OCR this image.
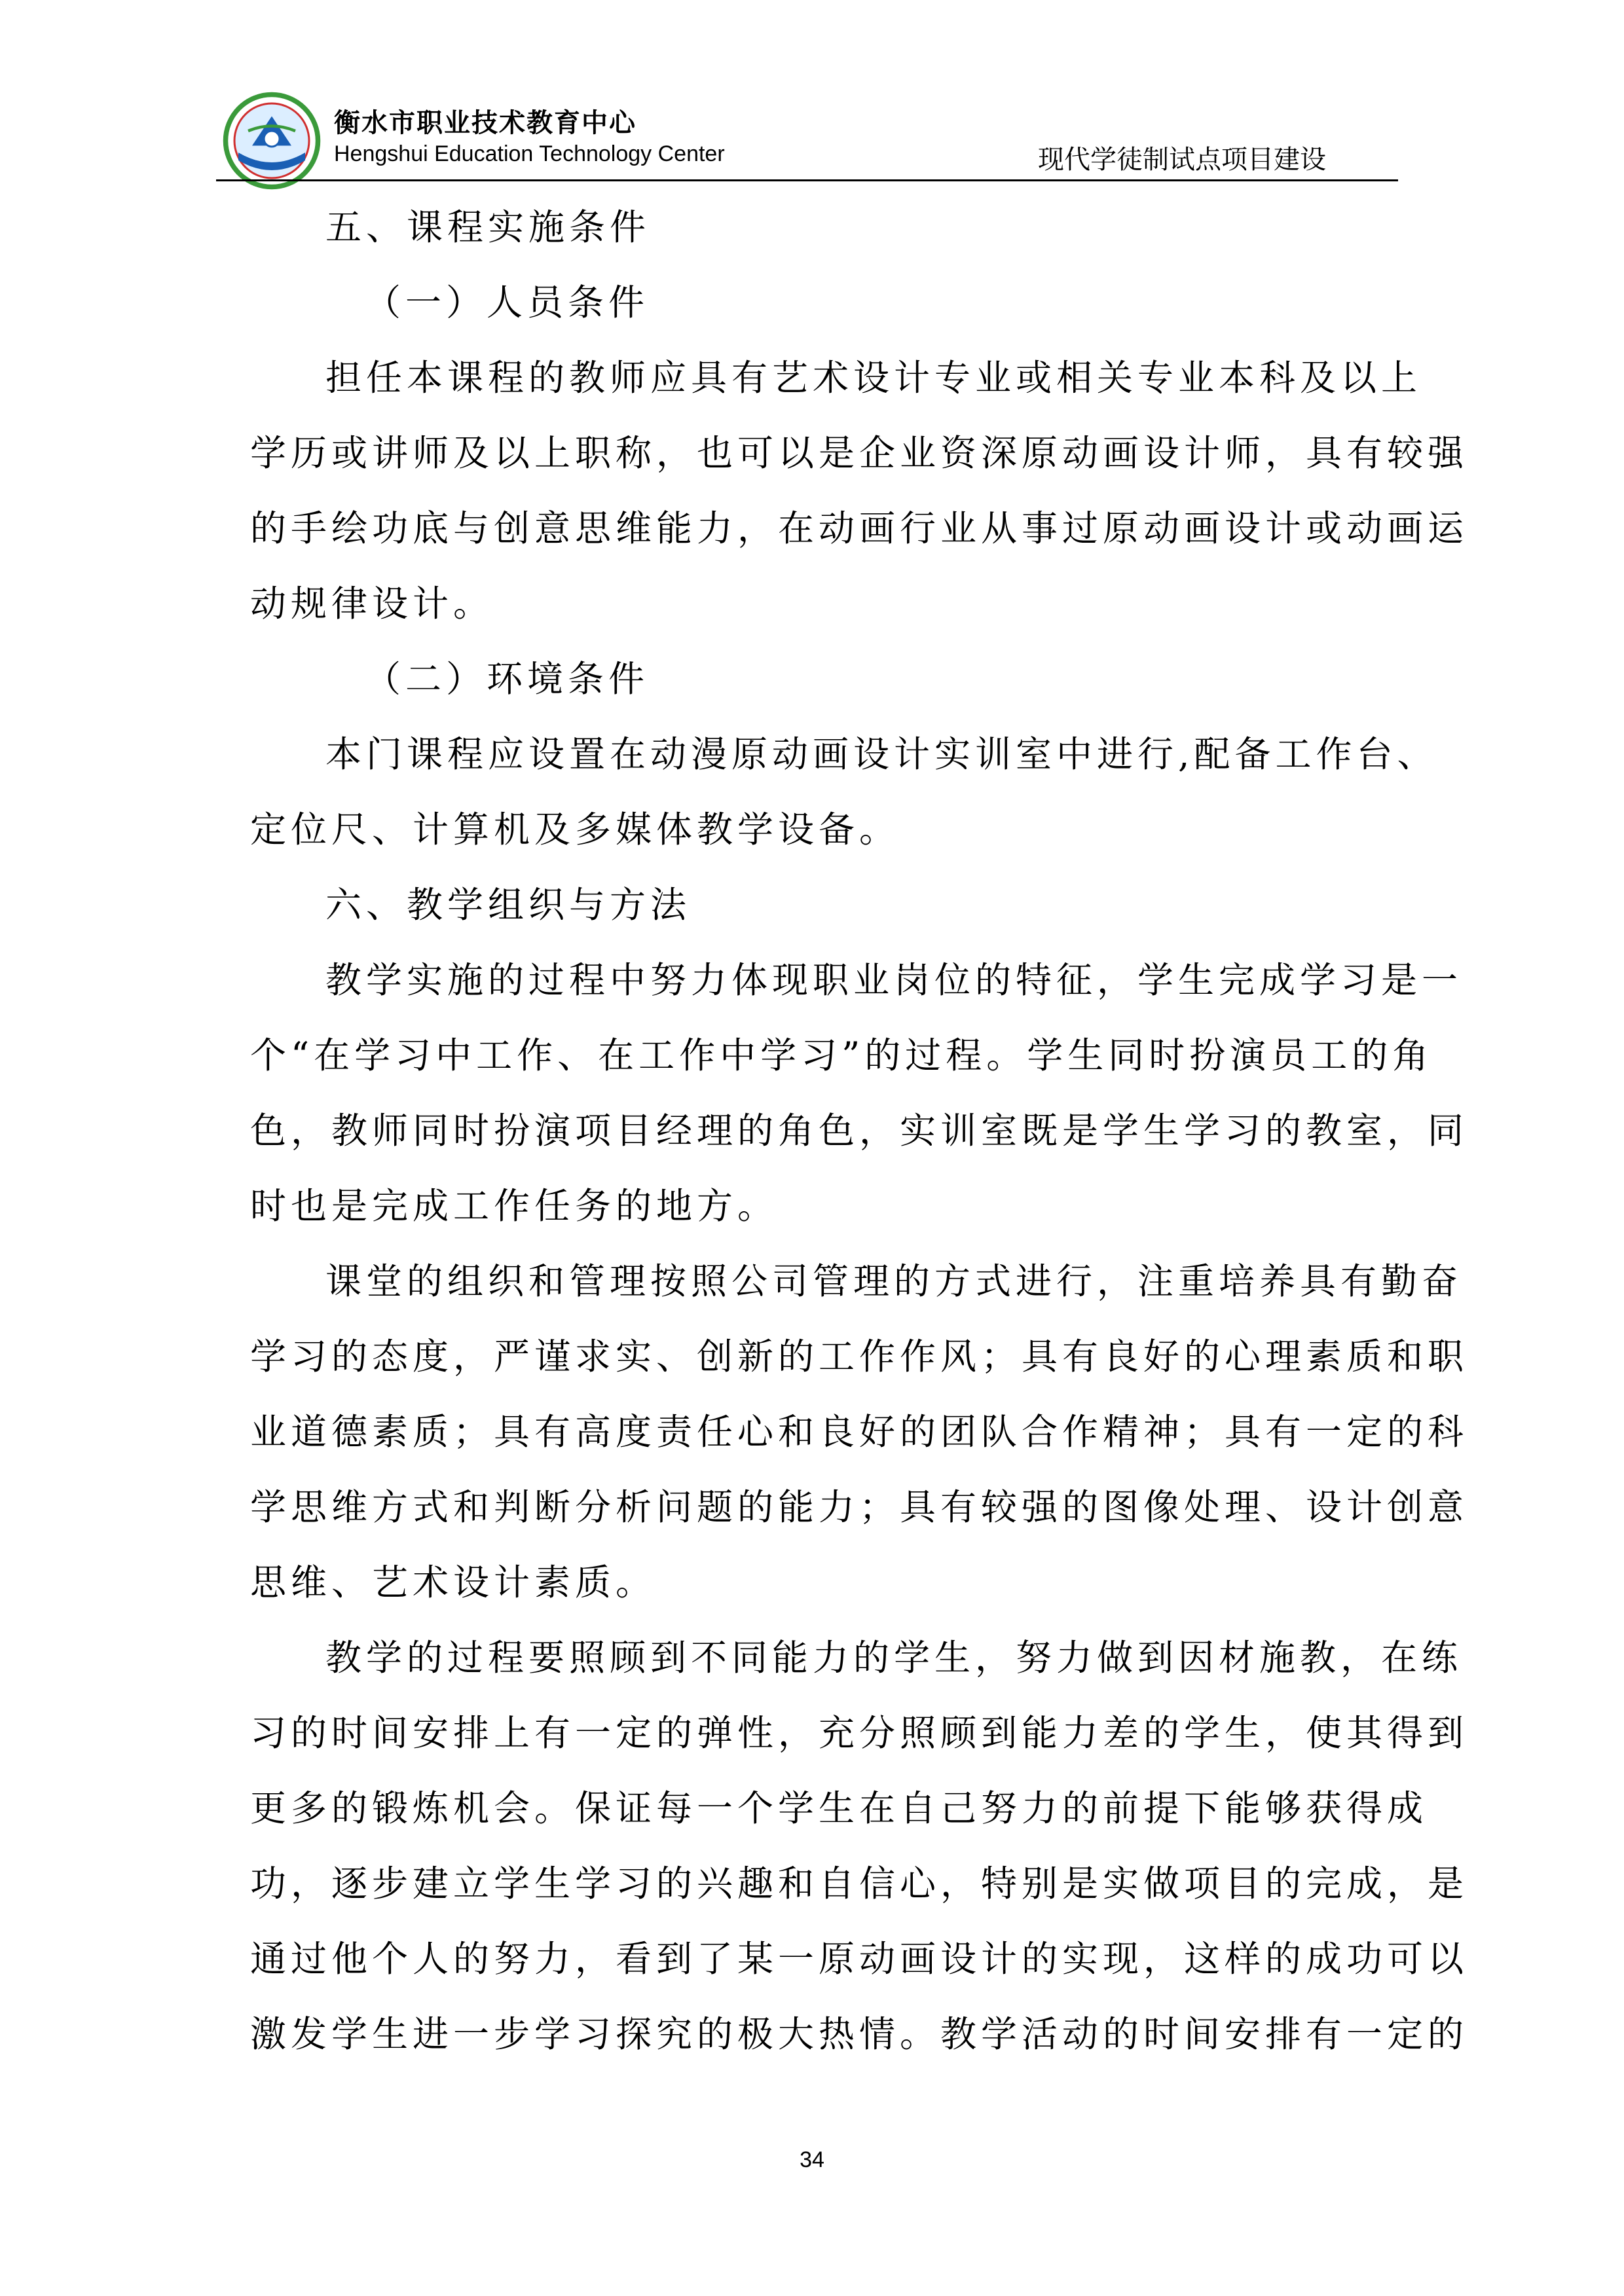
衡水市职业技术教育中心
Hengshui Education Technology Center	现代学徒制试点项目建设
五、课程实施条件
（一）人员条件
担任本课程的教师应具有艺术设计专业或相关专业本科及以上
学历或讲师及以上职称，也可以是企业资深原动画设计师，具有较强
的手绘功底与创意思维能力，在动画行业从事过原动画设计或动画运
动规律设计。
（二）环境条件
本门课程应设置在动漫原动画设计实训室中进行,配备工作台、
定位尺、计算机及多媒体教学设备。
六、教学组织与方法
教学实施的过程中努力体现职业岗位的特征，学生完成学习是一
个“在学习中工作、在工作中学习”的过程。学生同时扮演员工的角
色，教师同时扮演项目经理的角色，实训室既是学生学习的教室，同
时也是完成工作任务的地方。
课堂的组织和管理按照公司管理的方式进行，注重培养具有勤奋
学习的态度，严谨求实、创新的工作作风；具有良好的心理素质和职
业道德素质；具有高度责任心和良好的团队合作精神；具有一定的科
学思维方式和判断分析问题的能力；具有较强的图像处理、设计创意
思维、艺术设计素质。
教学的过程要照顾到不同能力的学生，努力做到因材施教，在练
习的时间安排上有一定的弹性，充分照顾到能力差的学生，使其得到
更多的锻炼机会。保证每一个学生在自己努力的前提下能够获得成
功，逐步建立学生学习的兴趣和自信心，特别是实做项目的完成，是
通过他个人的努力，看到了某一原动画设计的实现，这样的成功可以
激发学生进一步学习探究的极大热情。教学活动的时间安排有一定的
34
